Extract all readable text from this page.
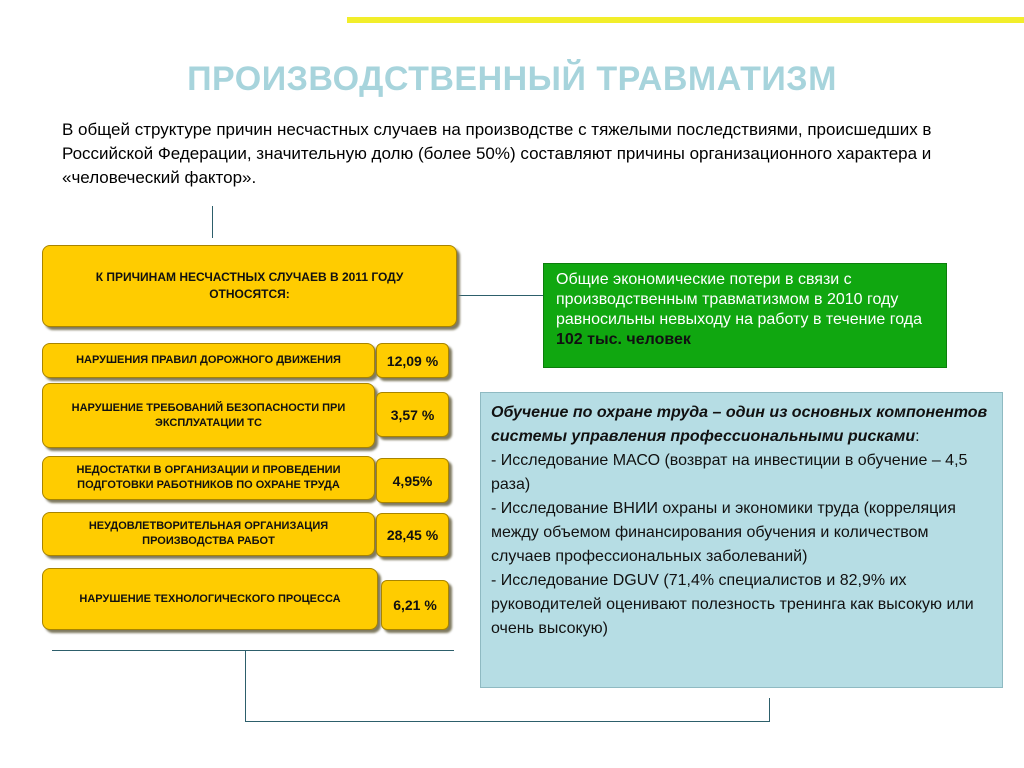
ПРОИЗВОДСТВЕННЫЙ ТРАВМАТИЗМ
В общей структуре причин несчастных случаев на производстве с тяжелыми последствиями, происшедших в Российской Федерации, значительную долю (более 50%) составляют причины организационного характера и «человеческий фактор».
К ПРИЧИНАМ НЕСЧАСТНЫХ СЛУЧАЕВ В 2011 ГОДУ ОТНОСЯТСЯ:
НАРУШЕНИЯ ПРАВИЛ ДОРОЖНОГО ДВИЖЕНИЯ	12,09 %
НАРУШЕНИЕ ТРЕБОВАНИЙ БЕЗОПАСНОСТИ ПРИ ЭКСПЛУАТАЦИИ ТС	3,57 %
НЕДОСТАТКИ В ОРГАНИЗАЦИИ И ПРОВЕДЕНИИ ПОДГОТОВКИ РАБОТНИКОВ ПО ОХРАНЕ ТРУДА	4,95%
НЕУДОВЛЕТВОРИТЕЛЬНАЯ ОРГАНИЗАЦИЯ ПРОИЗВОДСТВА РАБОТ	28,45 %
НАРУШЕНИЕ ТЕХНОЛОГИЧЕСКОГО ПРОЦЕССА	6,21 %
Общие экономические потери в связи с производственным травматизмом в 2010 году равносильны невыходу на работу в течение года 102 тыс. человек

Обучение по охране труда – один из основных компонентов системы управления профессиональными рисками:

- Исследование МАСО (возврат на инвестиции в обучение – 4,5 раза)

- Исследование ВНИИ охраны и экономики труда (корреляция между объемом финансирования обучения и количеством случаев профессиональных заболеваний)

- Исследование DGUV (71,4% специалистов и 82,9% их руководителей оценивают полезность тренинга как высокую или очень высокую)
